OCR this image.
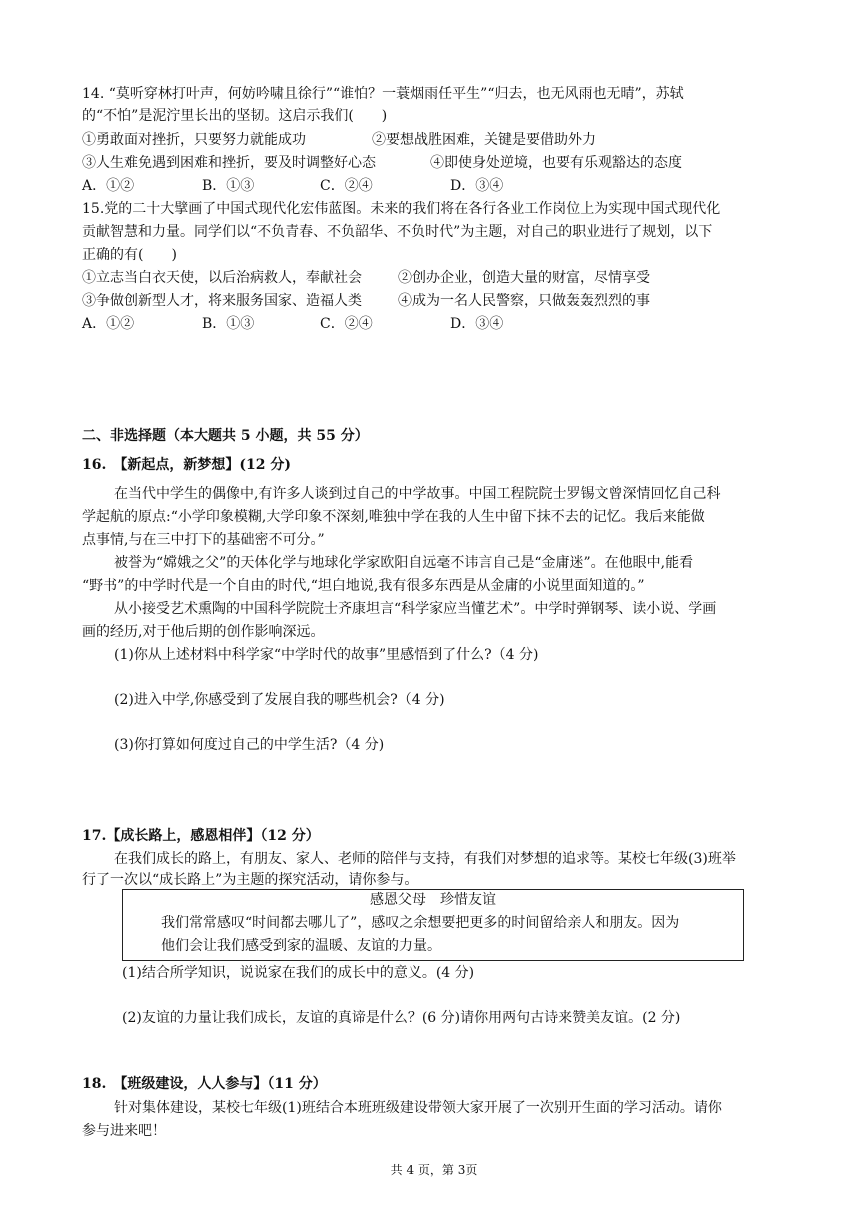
14. “莫听穿林打叶声，何妨吟啸且徐行”“谁怕？一蓑烟雨任平生”“归去，也无风雨也无晴”，苏轼
的“不怕”是泥泞里长出的坚韧。这启示我们(　　)
①勇敢面对挫折，只要努力就能成功	②要想战胜困难，关键是要借助外力
③人生难免遇到困难和挫折，要及时调整好心态	④即使身处逆境，也要有乐观豁达的态度
A．①②	B．①③	C．②④	D．③④
15.党的二十大擘画了中国式现代化宏伟蓝图。未来的我们将在各行各业工作岗位上为实现中国式现代化
贡献智慧和力量。同学们以“不负青春、不负韶华、不负时代”为主题，对自己的职业进行了规划，以下
正确的有(　　)
①立志当白衣天使，以后治病救人，奉献社会	②创办企业，创造大量的财富，尽情享受
③争做创新型人才，将来服务国家、造福人类	④成为一名人民警察，只做轰轰烈烈的事
A．①②	B．①③	C．②④	D．③④
二、非选择题（本大题共 5 小题，共 55 分）
16.　【新起点，新梦想】(12 分)
在当代中学生的偶像中,有许多人谈到过自己的中学故事。中国工程院院士罗锡文曾深情回忆自己科
学起航的原点:“小学印象模糊,大学印象不深刻,唯独中学在我的人生中留下抹不去的记忆。我后来能做
点事情,与在三中打下的基础密不可分。”
被誉为“嫦娥之父”的天体化学与地球化学家欧阳自远毫不讳言自己是“金庸迷”。在他眼中,能看
“野书”的中学时代是一个自由的时代,“坦白地说,我有很多东西是从金庸的小说里面知道的。”
从小接受艺术熏陶的中国科学院院士齐康坦言“科学家应当懂艺术”。中学时弹钢琴、读小说、学画
画的经历,对于他后期的创作影响深远。
(1)你从上述材料中科学家“中学时代的故事”里感悟到了什么?（4 分)
(2)进入中学,你感受到了发展自我的哪些机会?（4 分)
(3)你打算如何度过自己的中学生活?（4 分)
17.【成长路上，感恩相伴】（12 分）
在我们成长的路上，有朋友、家人、老师的陪伴与支持，有我们对梦想的追求等。某校七年级(3)班举
行了一次以“成长路上”为主题的探究活动，请你参与。
感恩父母　珍惜友谊
我们常常感叹“时间都去哪儿了”，感叹之余想要把更多的时间留给亲人和朋友。因为
他们会让我们感受到家的温暖、友谊的力量。
(1)结合所学知识，说说家在我们的成长中的意义。(4 分)
(2)友谊的力量让我们成长，友谊的真谛是什么？(6 分)请你用两句古诗来赞美友谊。(2 分)
18.　【班级建设，人人参与】（11 分）
针对集体建设，某校七年级(1)班结合本班班级建设带领大家开展了一次别开生面的学习活动。请你
参与进来吧！
共 4 页，第 3页
